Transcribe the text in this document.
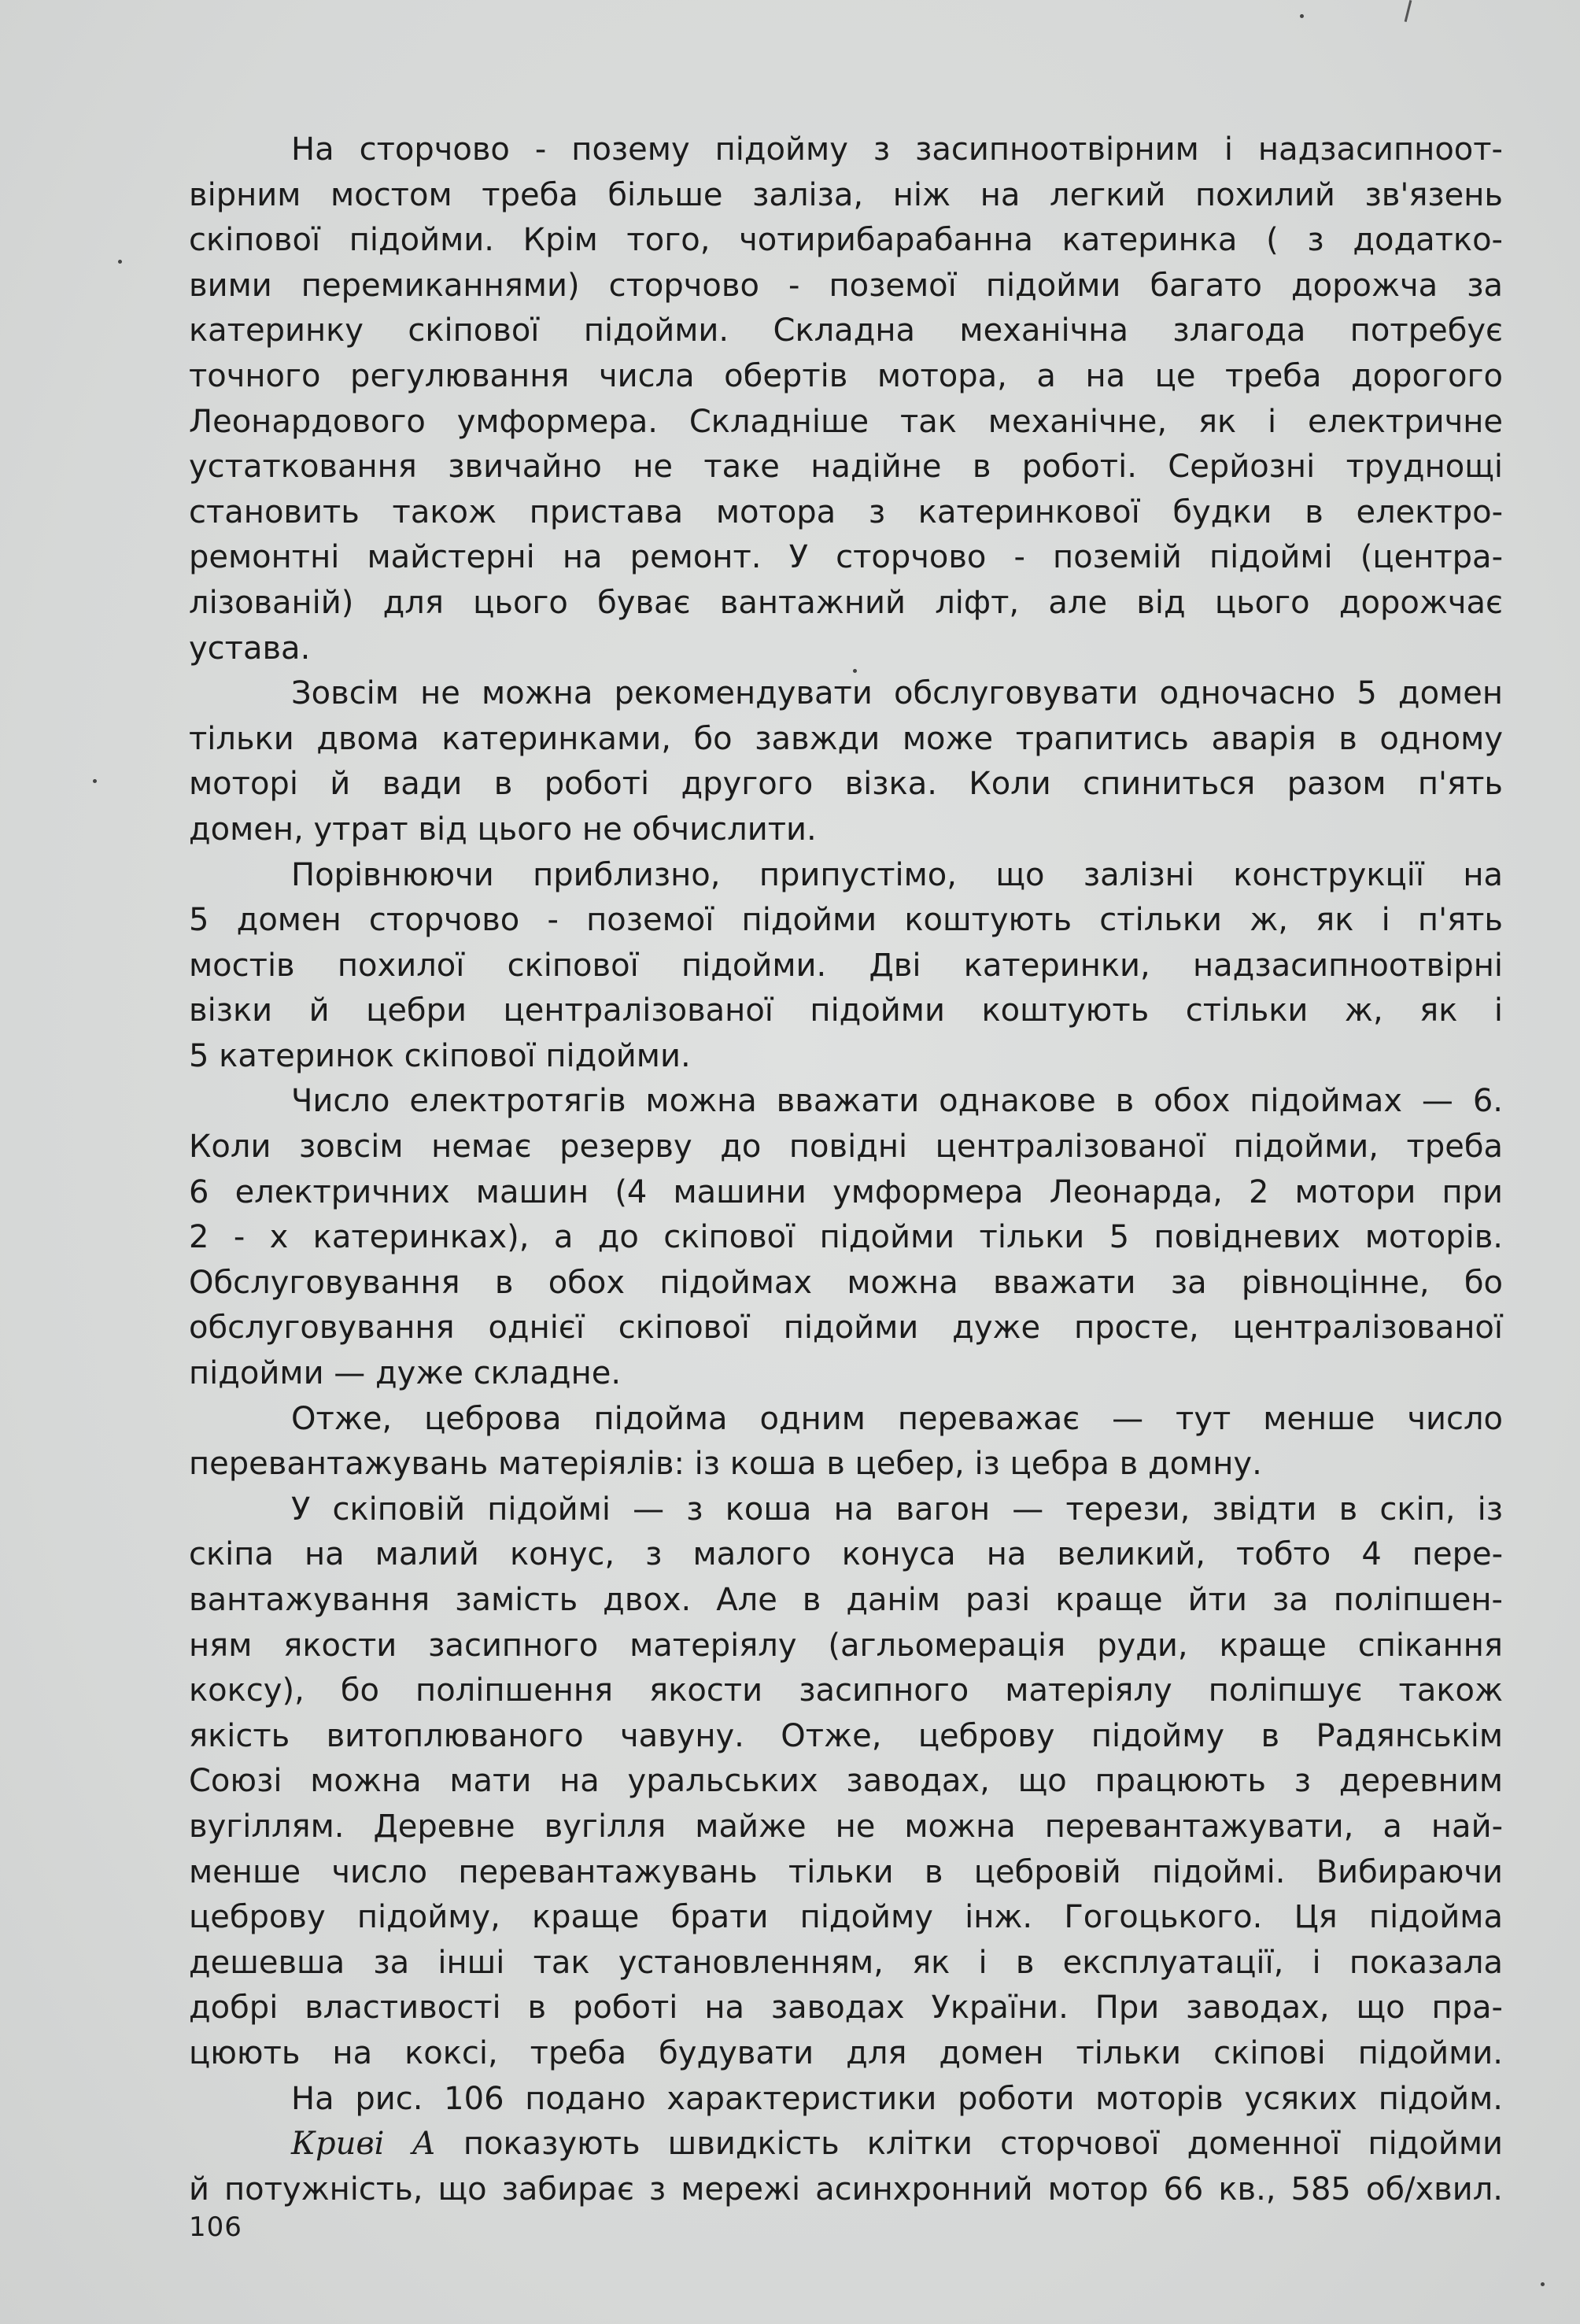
На сторчово - позему підойму з засипноотвірним і надзасипноот-
вірним мостом треба більше заліза, ніж на легкий похилий зв'язень
скіпової підойми. Крім того, чотирибарабанна катеринка ( з додатко-
вими перемиканнями) сторчово - поземої підойми багато дорожча за
катеринку скіпової підойми. Складна механічна злагода потребує
точного регулювання числа обертів мотора, а на це треба дорогого
Леонардового умформера. Складніше так механічне, як і електричне
устатковання звичайно не таке надійне в роботі. Серйозні труднощі
становить також пристава мотора з катеринкової будки в електро-
ремонтні майстерні на ремонт. У сторчово - поземій підоймі (центра-
лізованій) для цього буває вантажний ліфт, але від цього дорожчає
устава.
Зовсім не можна рекомендувати обслуговувати одночасно 5 домен
тільки двома катеринками, бо завжди може трапитись аварія в одному
моторі й вади в роботі другого візка. Коли спиниться разом п'ять
домен, утрат від цього не обчислити.
Порівнюючи приблизно, припустімо, що залізні конструкції на
5 домен сторчово - поземої підойми коштують стільки ж, як і п'ять
мостів похилої скіпової підойми. Дві катеринки, надзасипноотвірні
візки й цебри централізованої підойми коштують стільки ж, як і
5 катеринок скіпової підойми.
Число електротягів можна вважати однакове в обох підоймах — 6.
Коли зовсім немає резерву до повідні централізованої підойми, треба
6 електричних машин (4 машини умформера Леонарда, 2 мотори при
2 - х катеринках), а до скіпової підойми тільки 5 повідневих моторів.
Обслуговування в обох підоймах можна вважати за рівноцінне, бо
обслуговування однієї скіпової підойми дуже просте, централізованої
підойми — дуже складне.
Отже, цеброва підойма одним переважає — тут менше число
перевантажувань матеріялів: із коша в цебер, із цебра в домну.
У скіповій підоймі — з коша на вагон — терези, звідти в скіп, із
скіпа на малий конус, з малого конуса на великий, тобто 4 пере-
вантажування замість двох. Але в данім разі краще йти за поліпшен-
ням якости засипного матеріялу (агльомерація руди, краще спікання
коксу), бо поліпшення якости засипного матеріялу поліпшує також
якість витоплюваного чавуну. Отже, цеброву підойму в Радянськім
Союзі можна мати на уральських заводах, що працюють з деревним
вугіллям. Деревне вугілля майже не можна перевантажувати, а най-
менше число перевантажувань тільки в цебровій підоймі. Вибираючи
цеброву підойму, краще брати підойму інж. Гогоцького. Ця підойма
дешевша за інші так установленням, як і в експлуатації, і показала
добрі властивості в роботі на заводах України. При заводах, що пра-
цюють на коксі, треба будувати для домен тільки скіпові підойми.
На рис. 106 подано характеристики роботи моторів усяких підойм.
Криві А показують швидкість клітки сторчової доменної підойми
й потужність, що забирає з мережі асинхронний мотор 66 кв., 585 об/хвил.
106
